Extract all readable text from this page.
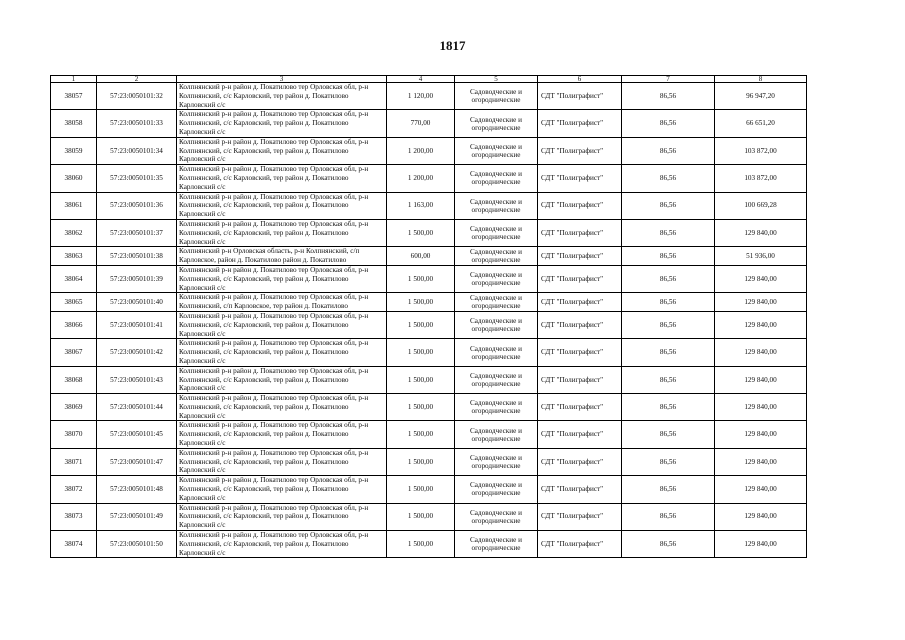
1817
1	2	3	4	5	6	7	8
38057	57:23:0050101:32	Колпнянский р-н район д. Покатилово тер Орловская обл, р-н Колпнянский, с/с Карловский, тер район д. Покатилово Карловский с/с	1 120,00	Садоводческие и огороднические	СДТ "Полиграфист"	86,56	96 947,20
38058	57:23:0050101:33	Колпнянский р-н район д. Покатилово тер Орловская обл, р-н Колпнянский, с/с Карловский, тер район д. Покатилово Карловский с/с	770,00	Садоводческие и огороднические	СДТ "Полиграфист"	86,56	66 651,20
38059	57:23:0050101:34	Колпнянский р-н район д. Покатилово тер Орловская обл, р-н Колпнянский, с/с Карловский, тер район д. Покатилово Карловский с/с	1 200,00	Садоводческие и огороднические	СДТ "Полиграфист"	86,56	103 872,00
38060	57:23:0050101:35	Колпнянский р-н район д. Покатилово тер Орловская обл, р-н Колпнянский, с/с Карловский, тер район д. Покатилово Карловский с/с	1 200,00	Садоводческие и огороднические	СДТ "Полиграфист"	86,56	103 872,00
38061	57:23:0050101:36	Колпнянский р-н район д. Покатилово тер Орловская обл, р-н Колпнянский, с/с Карловский, тер район д. Покатилово Карловский с/с	1 163,00	Садоводческие и огороднические	СДТ "Полиграфист"	86,56	100 669,28
38062	57:23:0050101:37	Колпнянский р-н район д. Покатилово тер Орловская обл, р-н Колпнянский, с/с Карловский, тер район д. Покатилово Карловский с/с	1 500,00	Садоводческие и огороднические	СДТ "Полиграфист"	86,56	129 840,00
38063	57:23:0050101:38	Колпнянский р-н Орловская область, р-н Колпнянский, с/п Карловское, район д. Покатилово район д. Покатилово	600,00	Садоводческие и огороднические	СДТ "Полиграфист"	86,56	51 936,00
38064	57:23:0050101:39	Колпнянский р-н район д. Покатилово тер Орловская обл, р-н Колпнянский, с/с Карловский, тер район д. Покатилово Карловский с/с	1 500,00	Садоводческие и огороднические	СДТ "Полиграфист"	86,56	129 840,00
38065	57:23:0050101:40	Колпнянский р-н район д. Покатилово тер Орловская обл, р-н Колпнянский, с/п Карловское, тер район д. Покатилово	1 500,00	Садоводческие и огороднические	СДТ "Полиграфист"	86,56	129 840,00
38066	57:23:0050101:41	Колпнянский р-н район д. Покатилово тер Орловская обл, р-н Колпнянский, с/с Карловский, тер район д. Покатилово Карловский с/с	1 500,00	Садоводческие и огороднические	СДТ "Полиграфист"	86,56	129 840,00
38067	57:23:0050101:42	Колпнянский р-н район д. Покатилово тер Орловская обл, р-н Колпнянский, с/с Карловский, тер район д. Покатилово Карловский с/с	1 500,00	Садоводческие и огороднические	СДТ "Полиграфист"	86,56	129 840,00
38068	57:23:0050101:43	Колпнянский р-н район д. Покатилово тер Орловская обл, р-н Колпнянский, с/с Карловский, тер район д. Покатилово Карловский с/с	1 500,00	Садоводческие и огороднические	СДТ "Полиграфист"	86,56	129 840,00
38069	57:23:0050101:44	Колпнянский р-н район д. Покатилово тер Орловская обл, р-н Колпнянский, с/с Карловский, тер район д. Покатилово Карловский с/с	1 500,00	Садоводческие и огороднические	СДТ "Полиграфист"	86,56	129 840,00
38070	57:23:0050101:45	Колпнянский р-н район д. Покатилово тер Орловская обл, р-н Колпнянский, с/с Карловский, тер район д. Покатилово Карловский с/с	1 500,00	Садоводческие и огороднические	СДТ "Полиграфист"	86,56	129 840,00
38071	57:23:0050101:47	Колпнянский р-н район д. Покатилово тер Орловская обл, р-н Колпнянский, с/с Карловский, тер район д. Покатилово Карловский с/с	1 500,00	Садоводческие и огороднические	СДТ "Полиграфист"	86,56	129 840,00
38072	57:23:0050101:48	Колпнянский р-н район д. Покатилово тер Орловская обл, р-н Колпнянский, с/с Карловский, тер район д. Покатилово Карловский с/с	1 500,00	Садоводческие и огороднические	СДТ "Полиграфист"	86,56	129 840,00
38073	57:23:0050101:49	Колпнянский р-н район д. Покатилово тер Орловская обл, р-н Колпнянский, с/с Карловский, тер район д. Покатилово Карловский с/с	1 500,00	Садоводческие и огороднические	СДТ "Полиграфист"	86,56	129 840,00
38074	57:23:0050101:50	Колпнянский р-н район д. Покатилово тер Орловская обл, р-н Колпнянский, с/с Карловский, тер район д. Покатилово Карловский с/с	1 500,00	Садоводческие и огороднические	СДТ "Полиграфист"	86,56	129 840,00
